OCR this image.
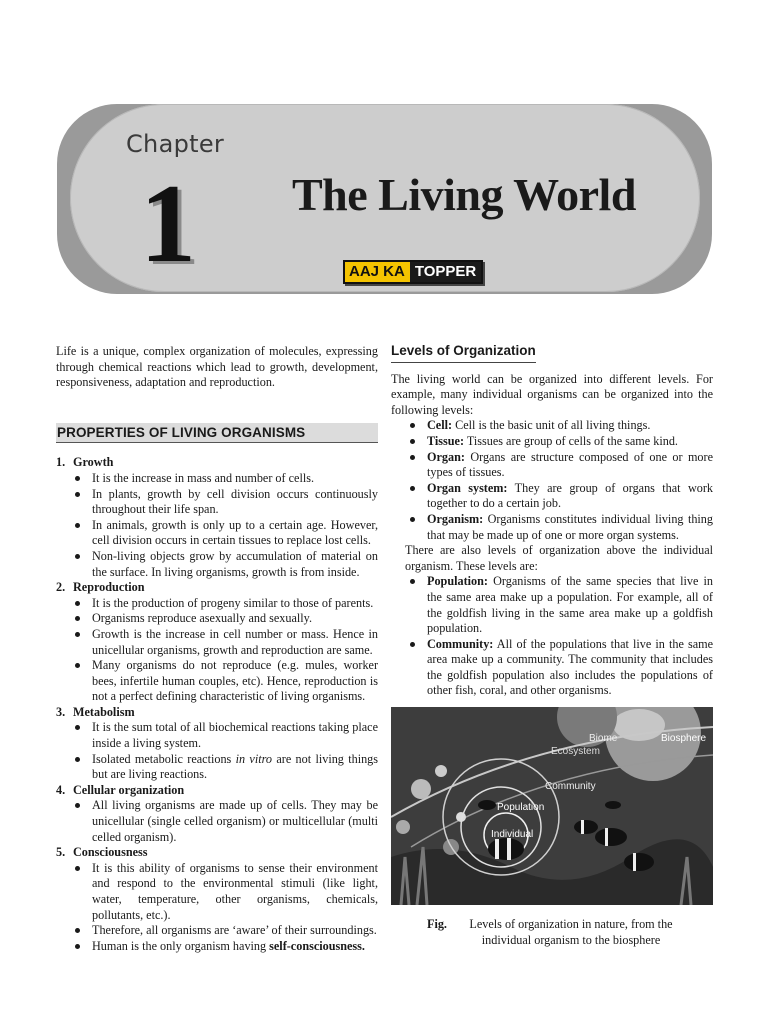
Chapter
1 The Living World
AAJ KA TOPPER

Life is a unique, complex organization of molecules, expressing through chemical reactions which lead to growth, development, responsiveness, adaptation and reproduction.

PROPERTIES OF LIVING ORGANISMS
1. Growth
It is the increase in mass and number of cells.
In plants, growth by cell division occurs continuously throughout their life span.
In animals, growth is only up to a certain age. However, cell division occurs in certain tissues to replace lost cells.
Non-living objects grow by accumulation of material on the surface. In living organisms, growth is from inside.
2. Reproduction
It is the production of progeny similar to those of parents.
Organisms reproduce asexually and sexually.
Growth is the increase in cell number or mass. Hence in unicellular organisms, growth and reproduction are same.
Many organisms do not reproduce (e.g. mules, worker bees, infertile human couples, etc). Hence, reproduction is not a perfect defining characteristic of living organisms.
3. Metabolism
It is the sum total of all biochemical reactions taking place inside a living system.
Isolated metabolic reactions in vitro are not living things but are living reactions.
4. Cellular organization
All living organisms are made up of cells. They may be unicellular (single celled organism) or multicellular (multi celled organism).
5. Consciousness
It is this ability of organisms to sense their environment and respond to the environmental stimuli (like light, water, temperature, other organisms, chemicals, pollutants, etc.).
Therefore, all organisms are ‘aware’ of their surroundings.
Human is the only organism having self-consciousness.
Levels of Organization

The living world can be organized into different levels. For example, many individual organisms can be organized into the following levels:

Cell: Cell is the basic unit of all living things.
Tissue: Tissues are group of cells of the same kind.
Organ: Organs are structure composed of one or more types of tissues.
Organ system: They are group of organs that work together to do a certain job.
Organism: Organisms constitutes individual living thing that may be made up of one or more organ systems.

There are also levels of organization above the individual organism. These levels are:

Population: Organisms of the same species that live in the same area make up a population. For example, all of the goldfish living in the same area make up a goldfish population.
Community: All of the populations that live in the same area make up a community. The community that includes the goldfish population also includes the populations of other fish, coral, and other organisms.
Biome	Biosphere
Ecosystem
Community
Population
Individual
Fig.	Levels of organization in nature, from the individual organism to the biosphere
